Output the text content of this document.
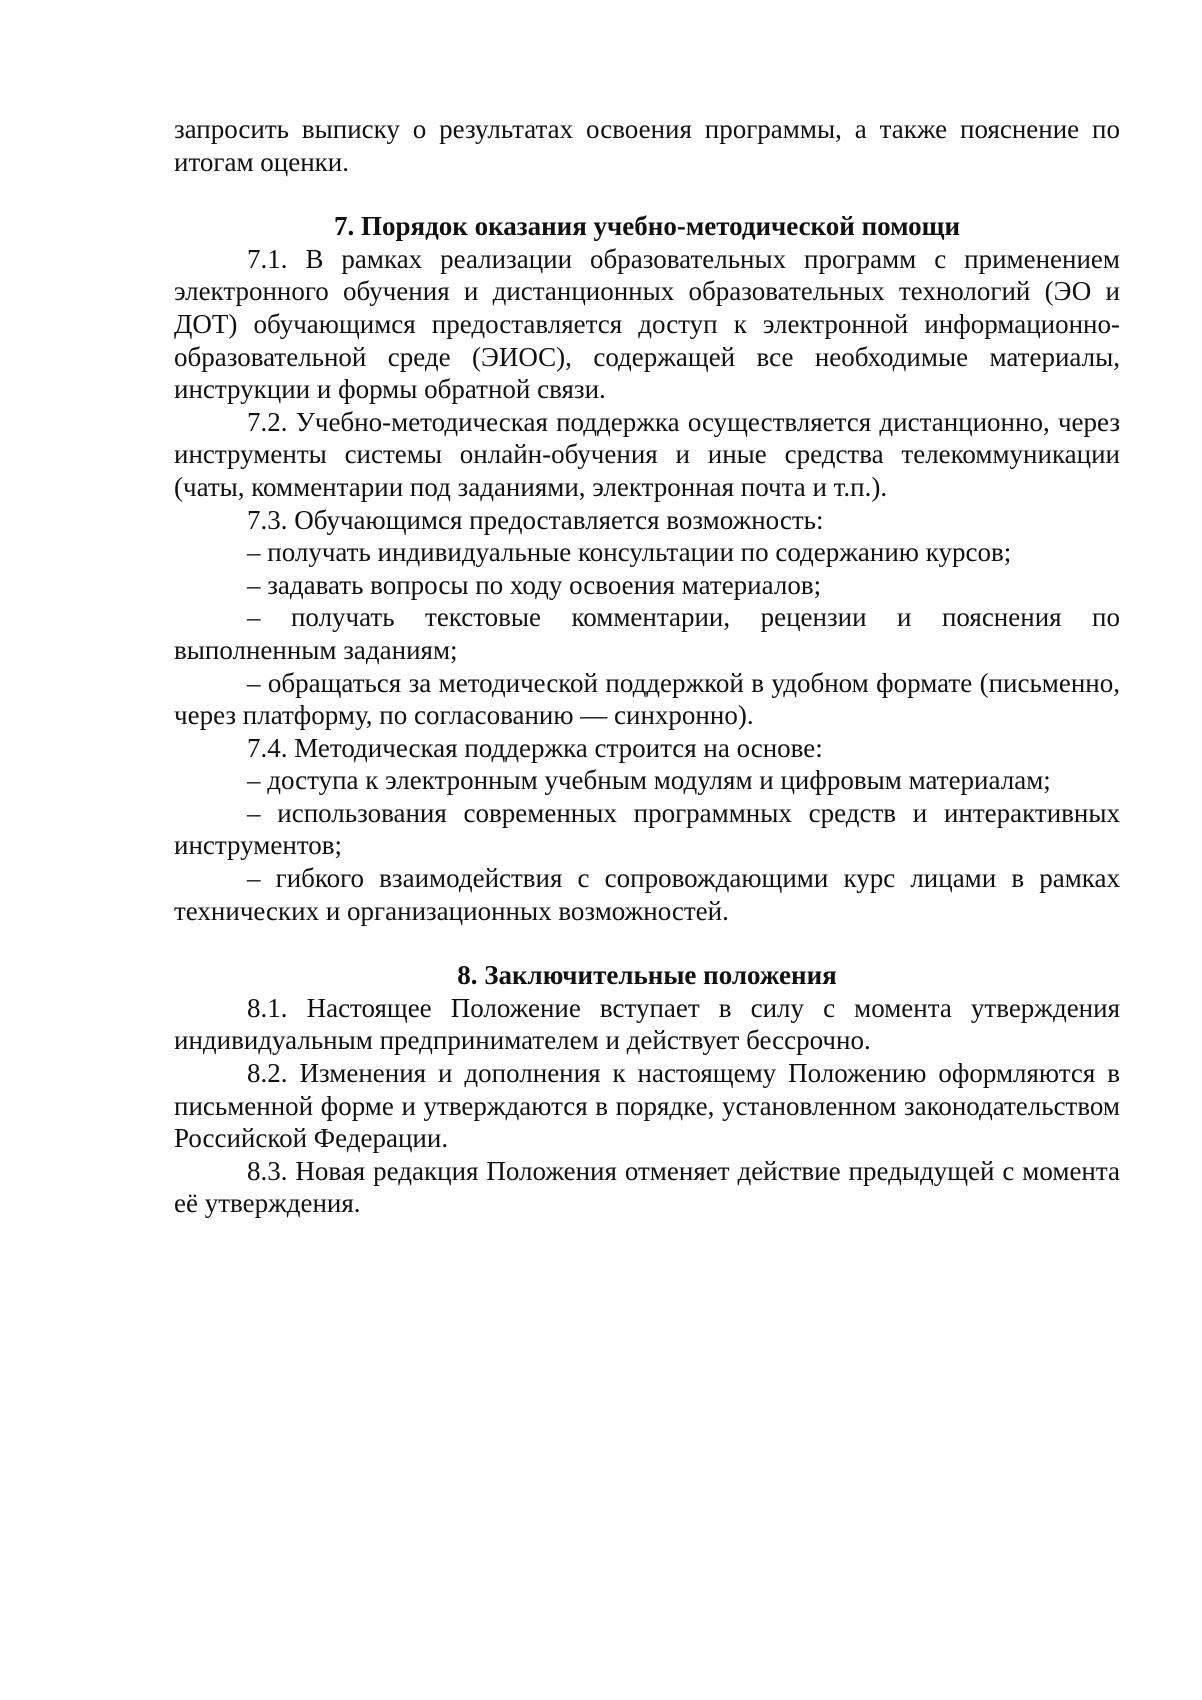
запросить выписку о результатах освоения программы, а также пояснение по итогам оценки.

7. Порядок оказания учебно-методической помощи

7.1. В рамках реализации образовательных программ с применением электронного обучения и дистанционных образовательных технологий (ЭО и ДОТ) обучающимся предоставляется доступ к электронной информационно-образовательной среде (ЭИОС), содержащей все необходимые материалы, инструкции и формы обратной связи.

7.2. Учебно-методическая поддержка осуществляется дистанционно, через инструменты системы онлайн-обучения и иные средства телекоммуникации (чаты, комментарии под заданиями, электронная почта и т.п.).

7.3. Обучающимся предоставляется возможность:

– получать индивидуальные консультации по содержанию курсов;

– задавать вопросы по ходу освоения материалов;

– получать текстовые комментарии, рецензии и пояснения по выполненным заданиям;

– обращаться за методической поддержкой в удобном формате (письменно, через платформу, по согласованию — синхронно).

7.4. Методическая поддержка строится на основе:

– доступа к электронным учебным модулям и цифровым материалам;

– использования современных программных средств и интерактивных инструментов;

– гибкого взаимодействия с сопровождающими курс лицами в рамках технических и организационных возможностей.

8. Заключительные положения

8.1. Настоящее Положение вступает в силу с момента утверждения индивидуальным предпринимателем и действует бессрочно.

8.2. Изменения и дополнения к настоящему Положению оформляются в письменной форме и утверждаются в порядке, установленном законодательством Российской Федерации.

8.3. Новая редакция Положения отменяет действие предыдущей с момента её утверждения.
